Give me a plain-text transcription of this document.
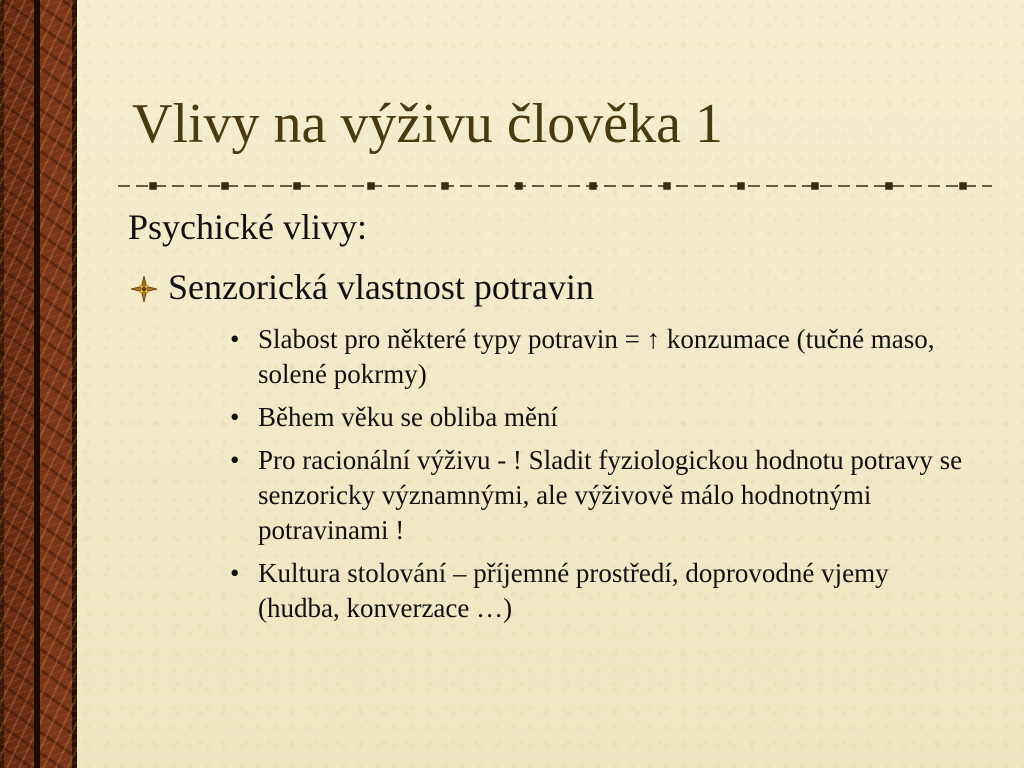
Vlivy na výživu člověka 1

Psychické vlivy:

Senzorická vlastnost potravin
• Slabost pro některé typy potravin = ↑ konzumace (tučné maso, solené pokrmy)
• Během věku se obliba mění
• Pro racionální výživu - ! Sladit fyziologickou hodnotu potravy se senzoricky významnými, ale výživově málo hodnotnými potravinami !
• Kultura stolování – příjemné prostředí, doprovodné vjemy (hudba, konverzace …)
